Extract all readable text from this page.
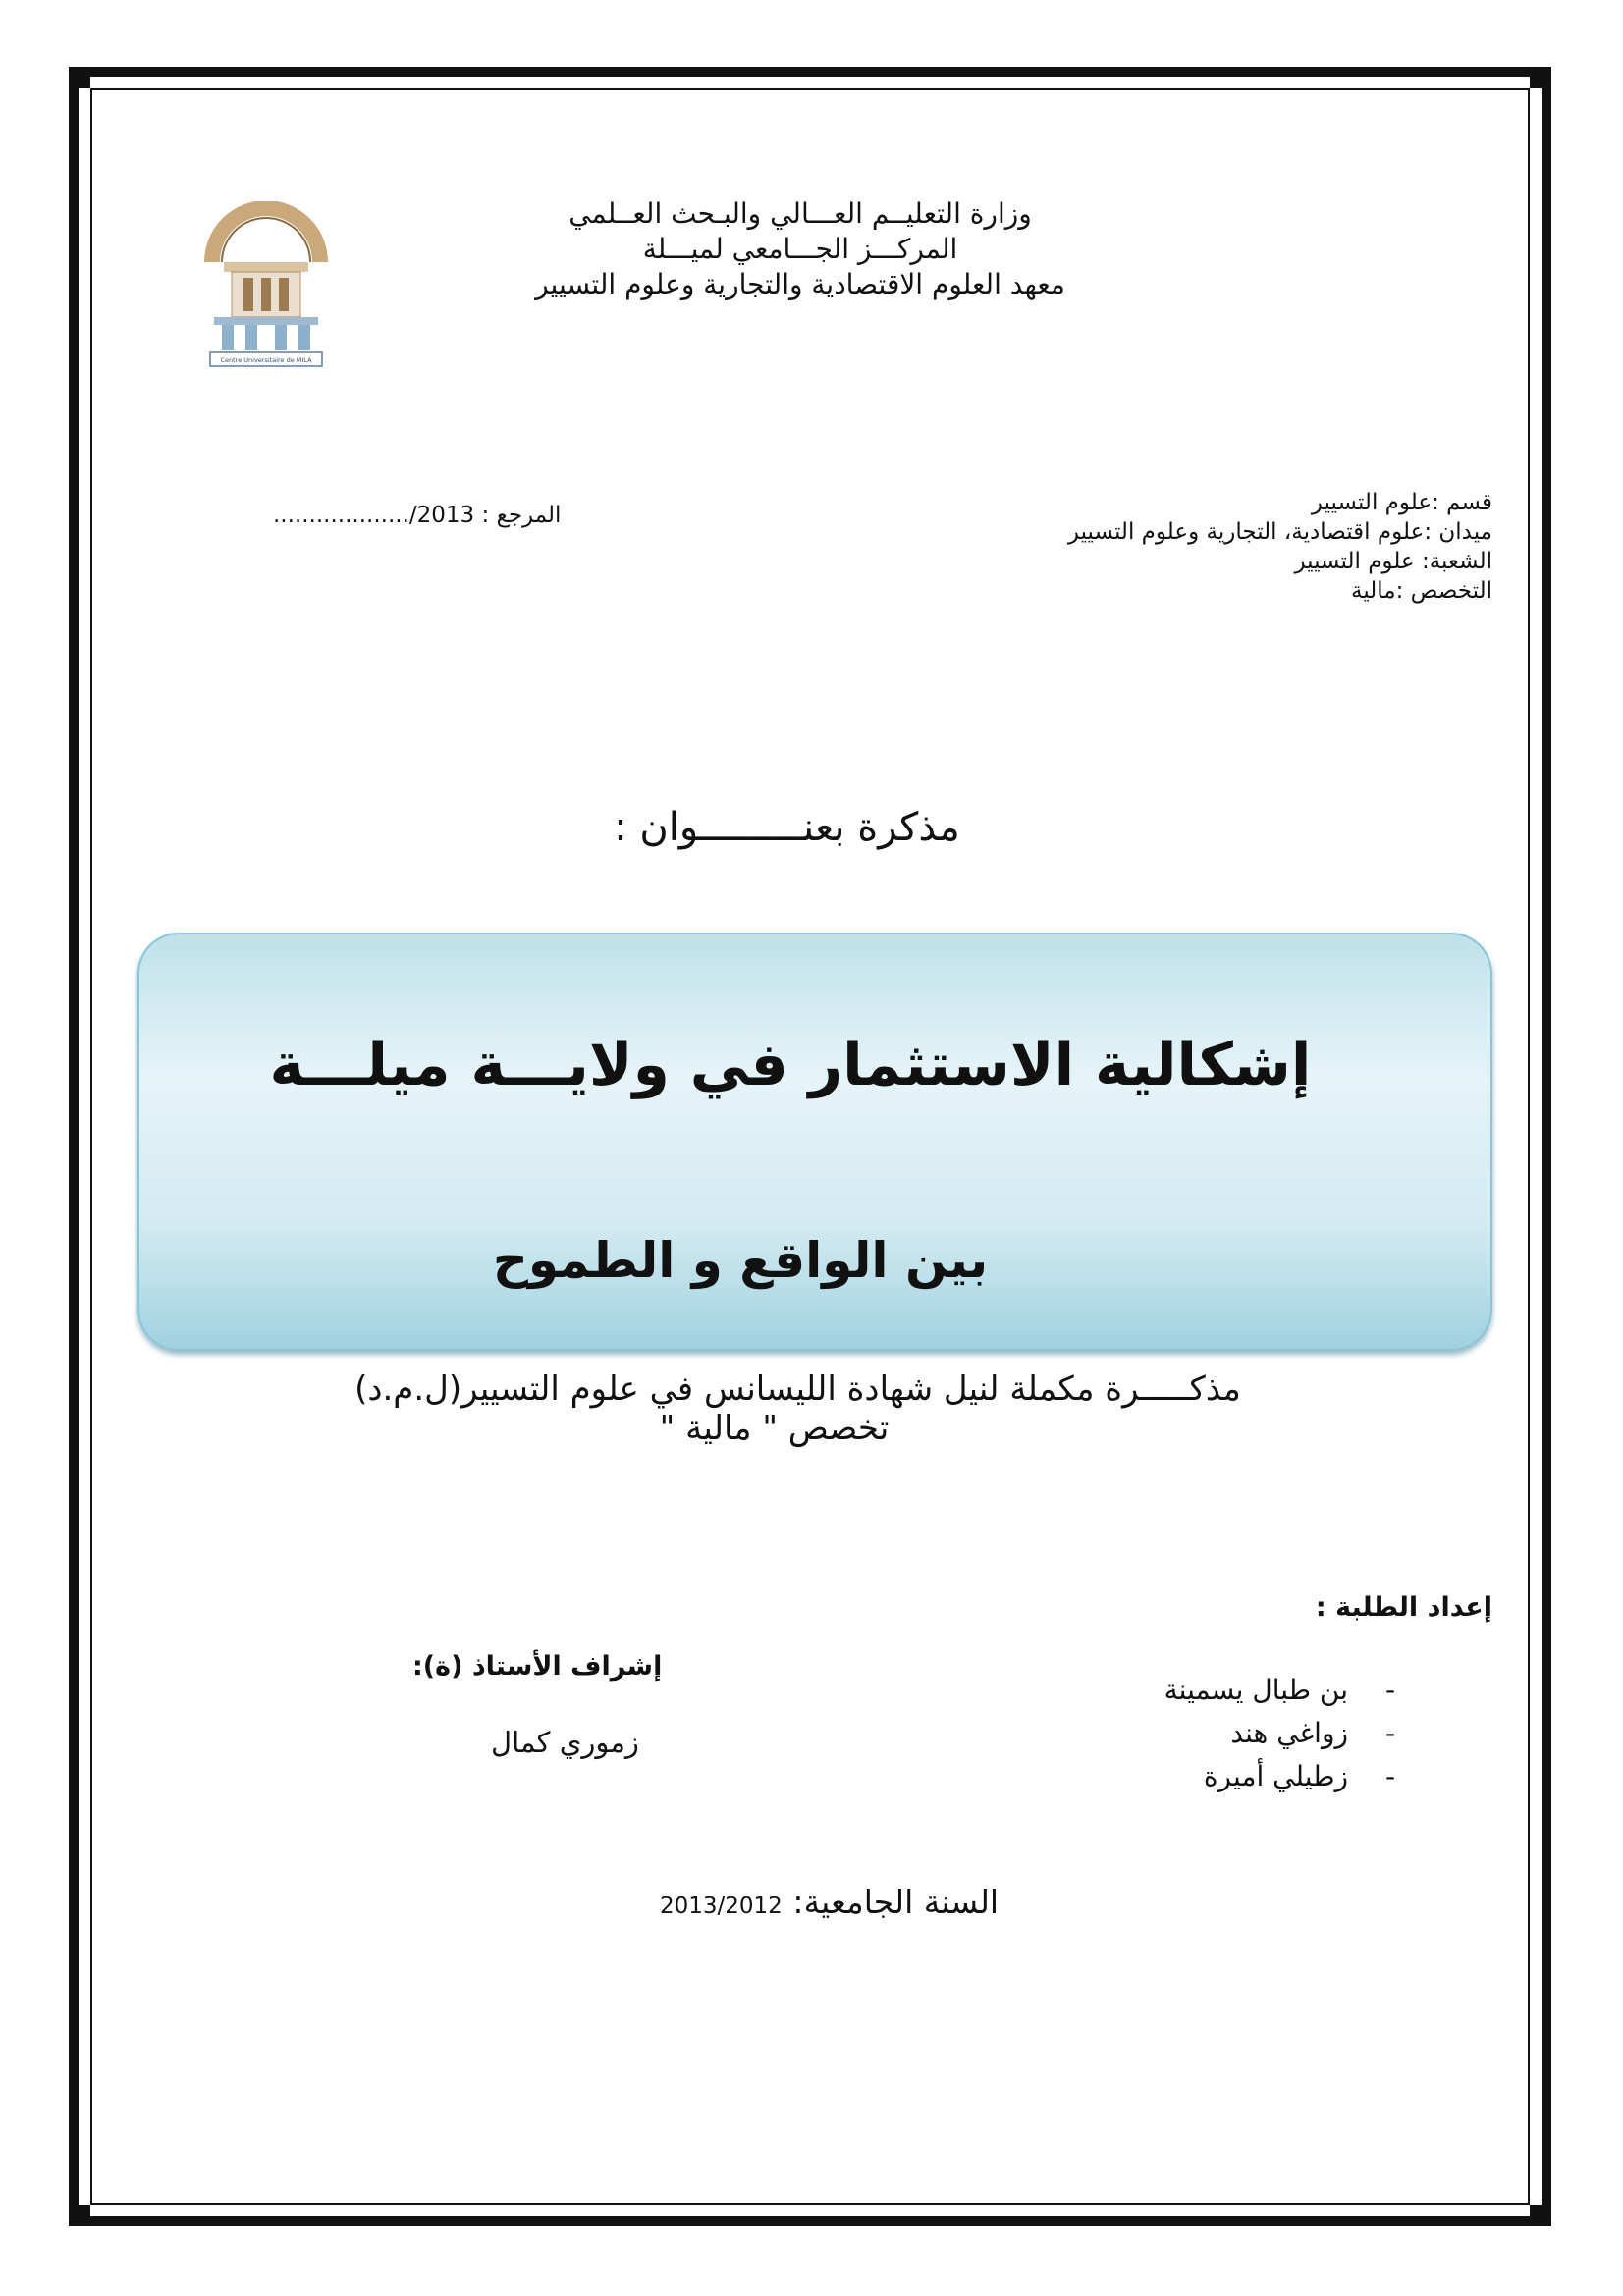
وزارة التعليــم العـــالي والبـحث العــلمي
المركـــز الجـــامعي لميـــلة
معهد العلوم الاقتصادية والتجارية وعلوم التسيير
Centre Universitaire de MILA
المرجع : .................../2013	قسم :علوم التسيير
ميدان :علوم اقتصادية، التجارية وعلوم التسيير
الشعبة: علوم التسيير
التخصص :مالية
مذكرة بعنـــــــــوان :
إشكالية الاستثمار في ولايـــة ميلـــة
بين الواقع و الطموح
مذكـــــرة مكملة لنيل شهادة الليسانس في علوم التسيير(ل.م.د)
تخصص " مالية "
إعداد الطلبة :
-
بن طبال يسمينة
-
زواغي هند
-
زطيلي أميرة
إشراف الأستاذ (ة):
زموري كمال
السنة الجامعية: 2013/2012
